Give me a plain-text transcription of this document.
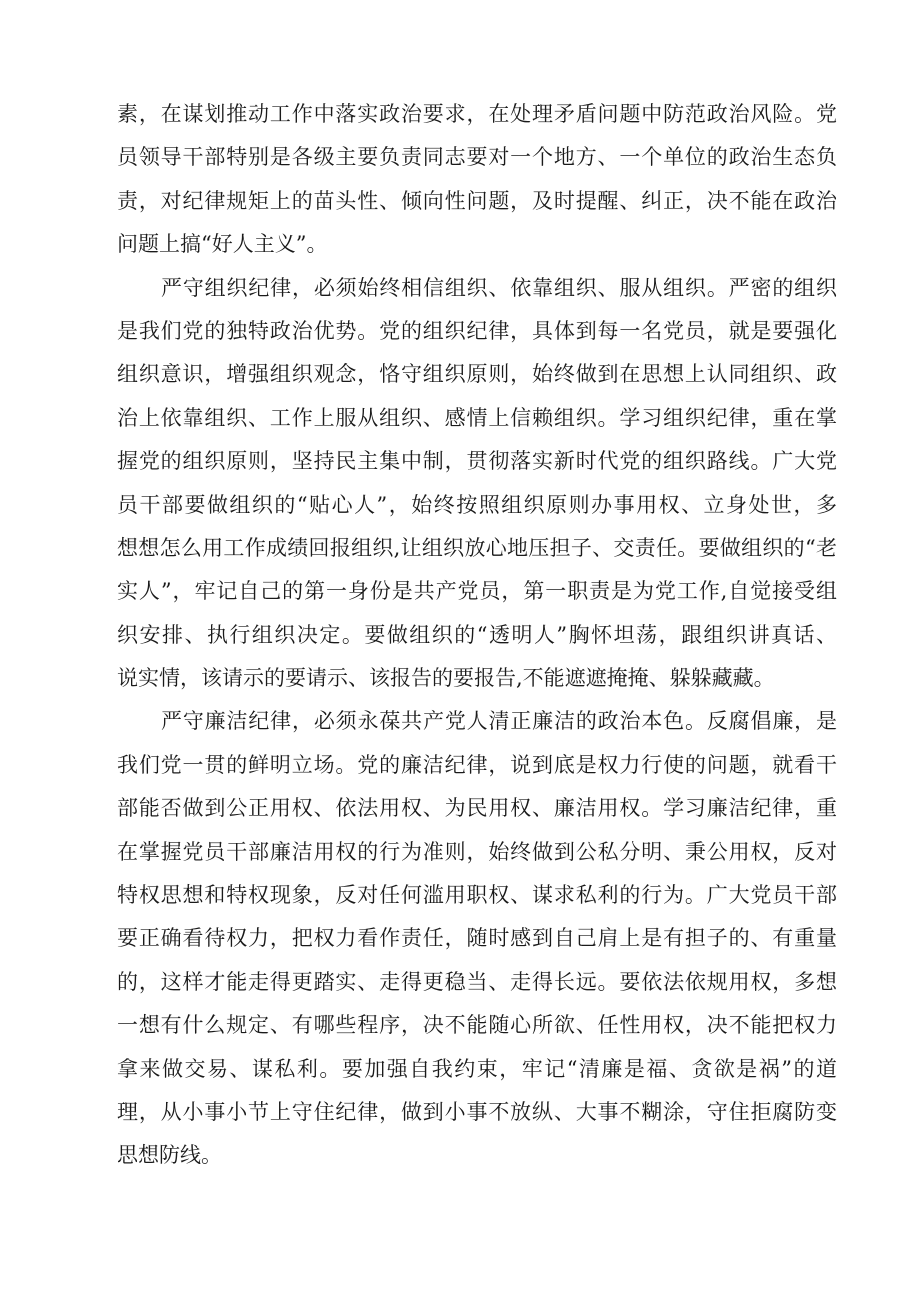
素，在谋划推动工作中落实政治要求，在处理矛盾问题中防范政治风险。党
员领导干部特别是各级主要负责同志要对一个地方、一个单位的政治生态负
责，对纪律规矩上的苗头性、倾向性问题，及时提醒、纠正，决不能在政治
问题上搞“好人主义”。
严守组织纪律，必须始终相信组织、依靠组织、服从组织。严密的组织
是我们党的独特政治优势。党的组织纪律，具体到每一名党员，就是要强化
组织意识，增强组织观念，恪守组织原则，始终做到在思想上认同组织、政
治上依靠组织、工作上服从组织、感情上信赖组织。学习组织纪律，重在掌
握党的组织原则，坚持民主集中制，贯彻落实新时代党的组织路线。广大党
员干部要做组织的“贴心人”，始终按照组织原则办事用权、立身处世，多
想想怎么用工作成绩回报组织,让组织放心地压担子、交责任。要做组织的“老
实人”，牢记自己的第一身份是共产党员，第一职责是为党工作,自觉接受组
织安排、执行组织决定。要做组织的“透明人”胸怀坦荡，跟组织讲真话、
说实情，该请示的要请示、该报告的要报告,不能遮遮掩掩、躲躲藏藏。
严守廉洁纪律，必须永葆共产党人清正廉洁的政治本色。反腐倡廉，是
我们党一贯的鲜明立场。党的廉洁纪律，说到底是权力行使的问题，就看干
部能否做到公正用权、依法用权、为民用权、廉洁用权。学习廉洁纪律，重
在掌握党员干部廉洁用权的行为准则，始终做到公私分明、秉公用权，反对
特权思想和特权现象，反对任何滥用职权、谋求私利的行为。广大党员干部
要正确看待权力，把权力看作责任，随时感到自己肩上是有担子的、有重量
的，这样才能走得更踏实、走得更稳当、走得长远。要依法依规用权，多想
一想有什么规定、有哪些程序，决不能随心所欲、任性用权，决不能把权力
拿来做交易、谋私利。要加强自我约束，牢记“清廉是福、贪欲是祸”的道
理，从小事小节上守住纪律，做到小事不放纵、大事不糊涂，守住拒腐防变
思想防线。
